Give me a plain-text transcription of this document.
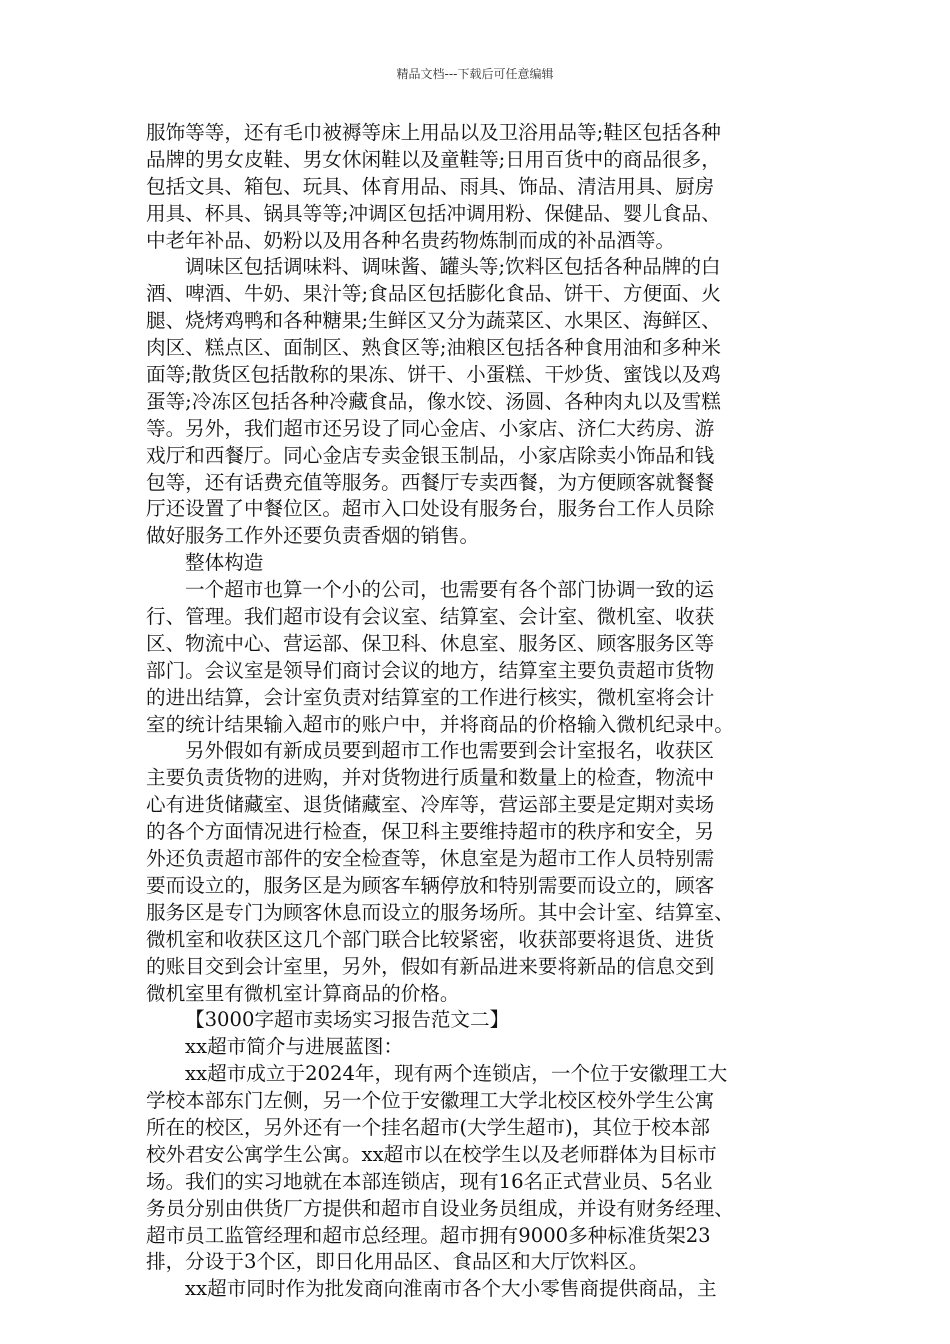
精品文档---下载后可任意编辑
服饰等等，还有毛巾被褥等床上用品以及卫浴用品等;鞋区包括各种
品牌的男女皮鞋、男女休闲鞋以及童鞋等;日用百货中的商品很多，
包括文具、箱包、玩具、体育用品、雨具、饰品、清洁用具、厨房
用具、杯具、锅具等等;冲调区包括冲调用粉、保健品、婴儿食品、
中老年补品、奶粉以及用各种名贵药物炼制而成的补品酒等。
调味区包括调味料、调味酱、罐头等;饮料区包括各种品牌的白
酒、啤酒、牛奶、果汁等;食品区包括膨化食品、饼干、方便面、火
腿、烧烤鸡鸭和各种糖果;生鲜区又分为蔬菜区、水果区、海鲜区、
肉区、糕点区、面制区、熟食区等;油粮区包括各种食用油和多种米
面等;散货区包括散称的果冻、饼干、小蛋糕、干炒货、蜜饯以及鸡
蛋等;冷冻区包括各种冷藏食品，像水饺、汤圆、各种肉丸以及雪糕
等。另外，我们超市还另设了同心金店、小家店、济仁大药房、游
戏厅和西餐厅。同心金店专卖金银玉制品，小家店除卖小饰品和钱
包等，还有话费充值等服务。西餐厅专卖西餐，为方便顾客就餐餐
厅还设置了中餐位区。超市入口处设有服务台，服务台工作人员除
做好服务工作外还要负责香烟的销售。
整体构造
一个超市也算一个小的公司，也需要有各个部门协调一致的运
行、管理。我们超市设有会议室、结算室、会计室、微机室、收获
区、物流中心、营运部、保卫科、休息室、服务区、顾客服务区等
部门。会议室是领导们商讨会议的地方，结算室主要负责超市货物
的进出结算，会计室负责对结算室的工作进行核实，微机室将会计
室的统计结果输入超市的账户中，并将商品的价格输入微机纪录中。
另外假如有新成员要到超市工作也需要到会计室报名，收获区
主要负责货物的进购，并对货物进行质量和数量上的检查，物流中
心有进货储藏室、退货储藏室、冷库等，营运部主要是定期对卖场
的各个方面情况进行检查，保卫科主要维持超市的秩序和安全，另
外还负责超市部件的安全检查等，休息室是为超市工作人员特别需
要而设立的，服务区是为顾客车辆停放和特别需要而设立的，顾客
服务区是专门为顾客休息而设立的服务场所。其中会计室、结算室、
微机室和收获区这几个部门联合比较紧密，收获部要将退货、进货
的账目交到会计室里，另外，假如有新品进来要将新品的信息交到
微机室里有微机室计算商品的价格。
【3000字超市卖场实习报告范文二】
xx超市简介与进展蓝图：
xx超市成立于2024年，现有两个连锁店，一个位于安徽理工大
学校本部东门左侧，另一个位于安徽理工大学北校区校外学生公寓
所在的校区，另外还有一个挂名超市(大学生超市)，其位于校本部
校外君安公寓学生公寓。xx超市以在校学生以及老师群体为目标市
场。我们的实习地就在本部连锁店，现有16名正式营业员、5名业
务员分别由供货厂方提供和超市自设业务员组成，并设有财务经理、
超市员工监管经理和超市总经理。超市拥有9000多种标准货架23
排，分设于3个区，即日化用品区、食品区和大厅饮料区。
xx超市同时作为批发商向淮南市各个大小零售商提供商品，主
